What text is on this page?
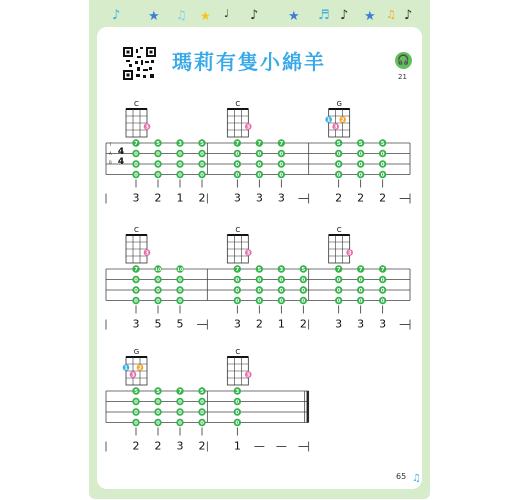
♪ ★ ♫ ★ ♩ ♪ ★ ♬ ♪ ★ ♫ ♪
瑪莉有隻小綿羊	🎧
21
4
4
T
A
B
C
3
7
0
0
0
3
5
0
0
0
2
3
0
0
0
1
5
0
0
0
2
C
3
7
0
0
0
3
7
0
0
0
3
7
0
0
0
3 —
G
1 2
3
5
0
0
0
2
5
0
0
0
2
5
0
0
0
2 —
C
3
7
0
0
0
3
10
0
0
0
5
10
0
0
0
5 —
C
3
7
0
0
0
3
5
0
0
0
2
3
0
0
0
1
5
0
0
0
2
C
3
7
0
0
0
3
7
0
0
0
3
7
0
0
0
3 —
G
1 2
3
5
0
0
0
2
5
0
0
0
2
7
0
0
0
3
5
0
0
0
2
C
3
3
0
0
0
1 — — —
♫
65
